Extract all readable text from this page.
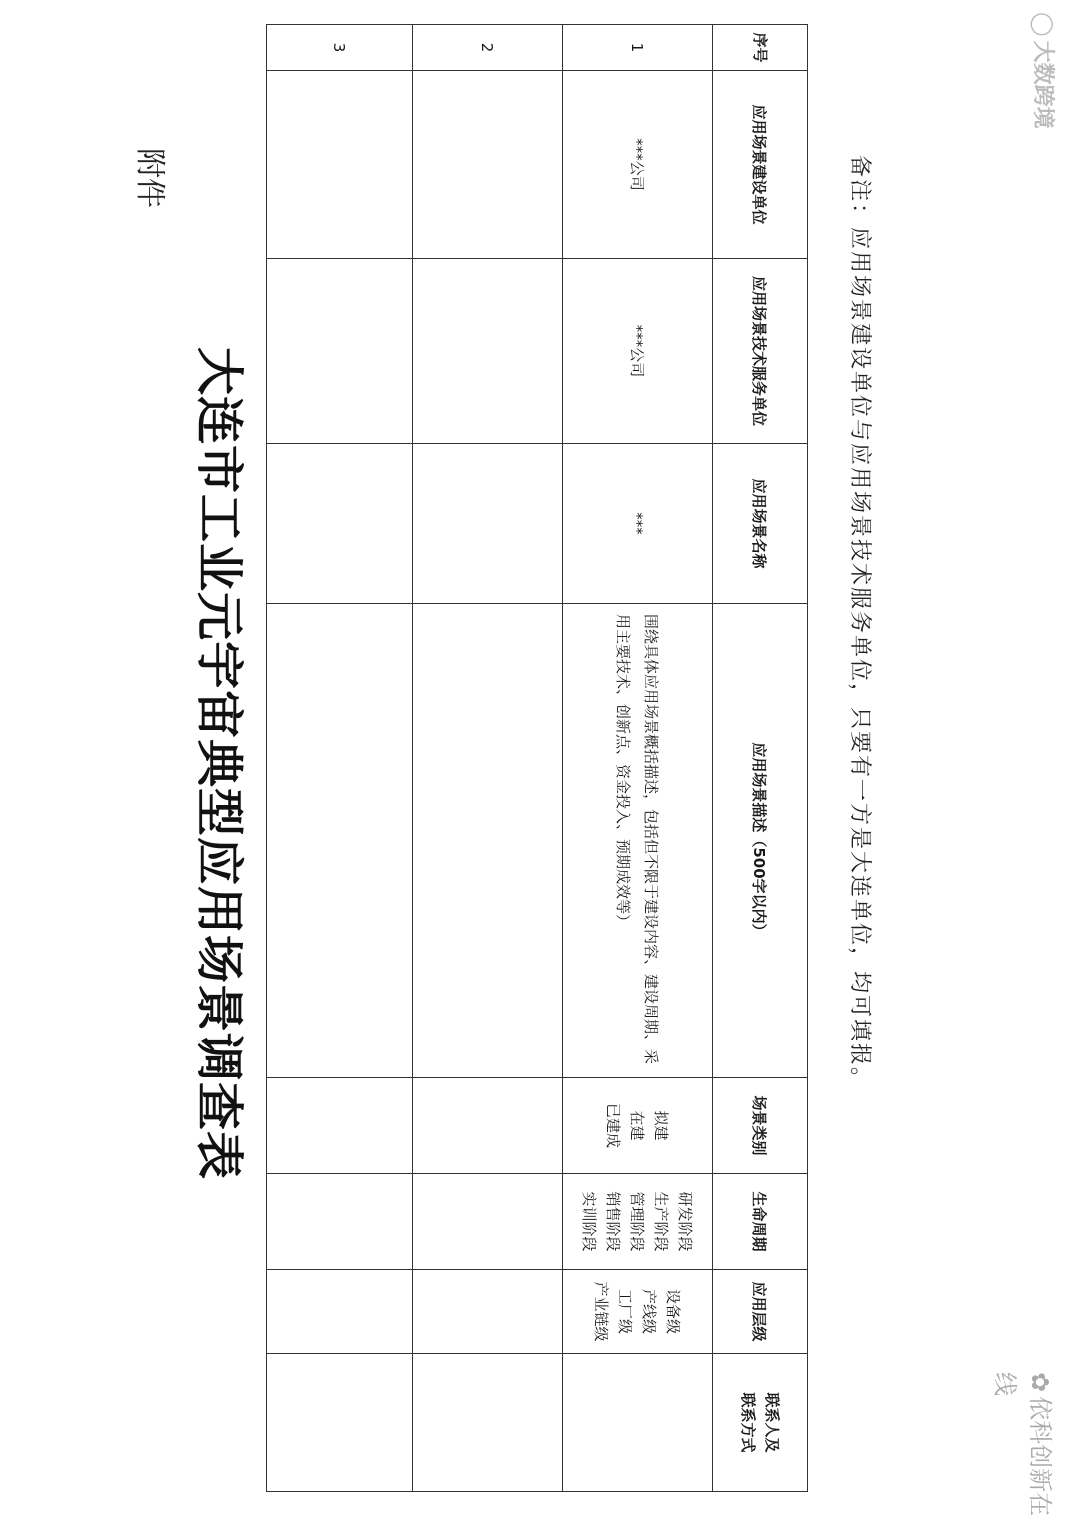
◯大数跨境
附件
大连市工业元宇宙典型应用场景调查表
序号	应用场景建设单位	应用场景技术服务单位	应用场景名称	应用场景描述（500字以内）	场景类别	生命周期	应用层级	联系人及
联系方式
1	***公司	***公司	***	围绕具体应用场景概括描述，包括但不限于建设内容、建设周期、采用主要技术、创新点、资金投入、预期成效等）	拟建
在建
已建成	研发阶段
生产阶段
管理阶段
销售阶段
实训阶段	设备级
产线级
工厂级
产业链级	
2								
3								
备注：应用场景建设单位与应用场景技术服务单位，只要有一方是大连单位，均可填报。
✿依科创新在线
